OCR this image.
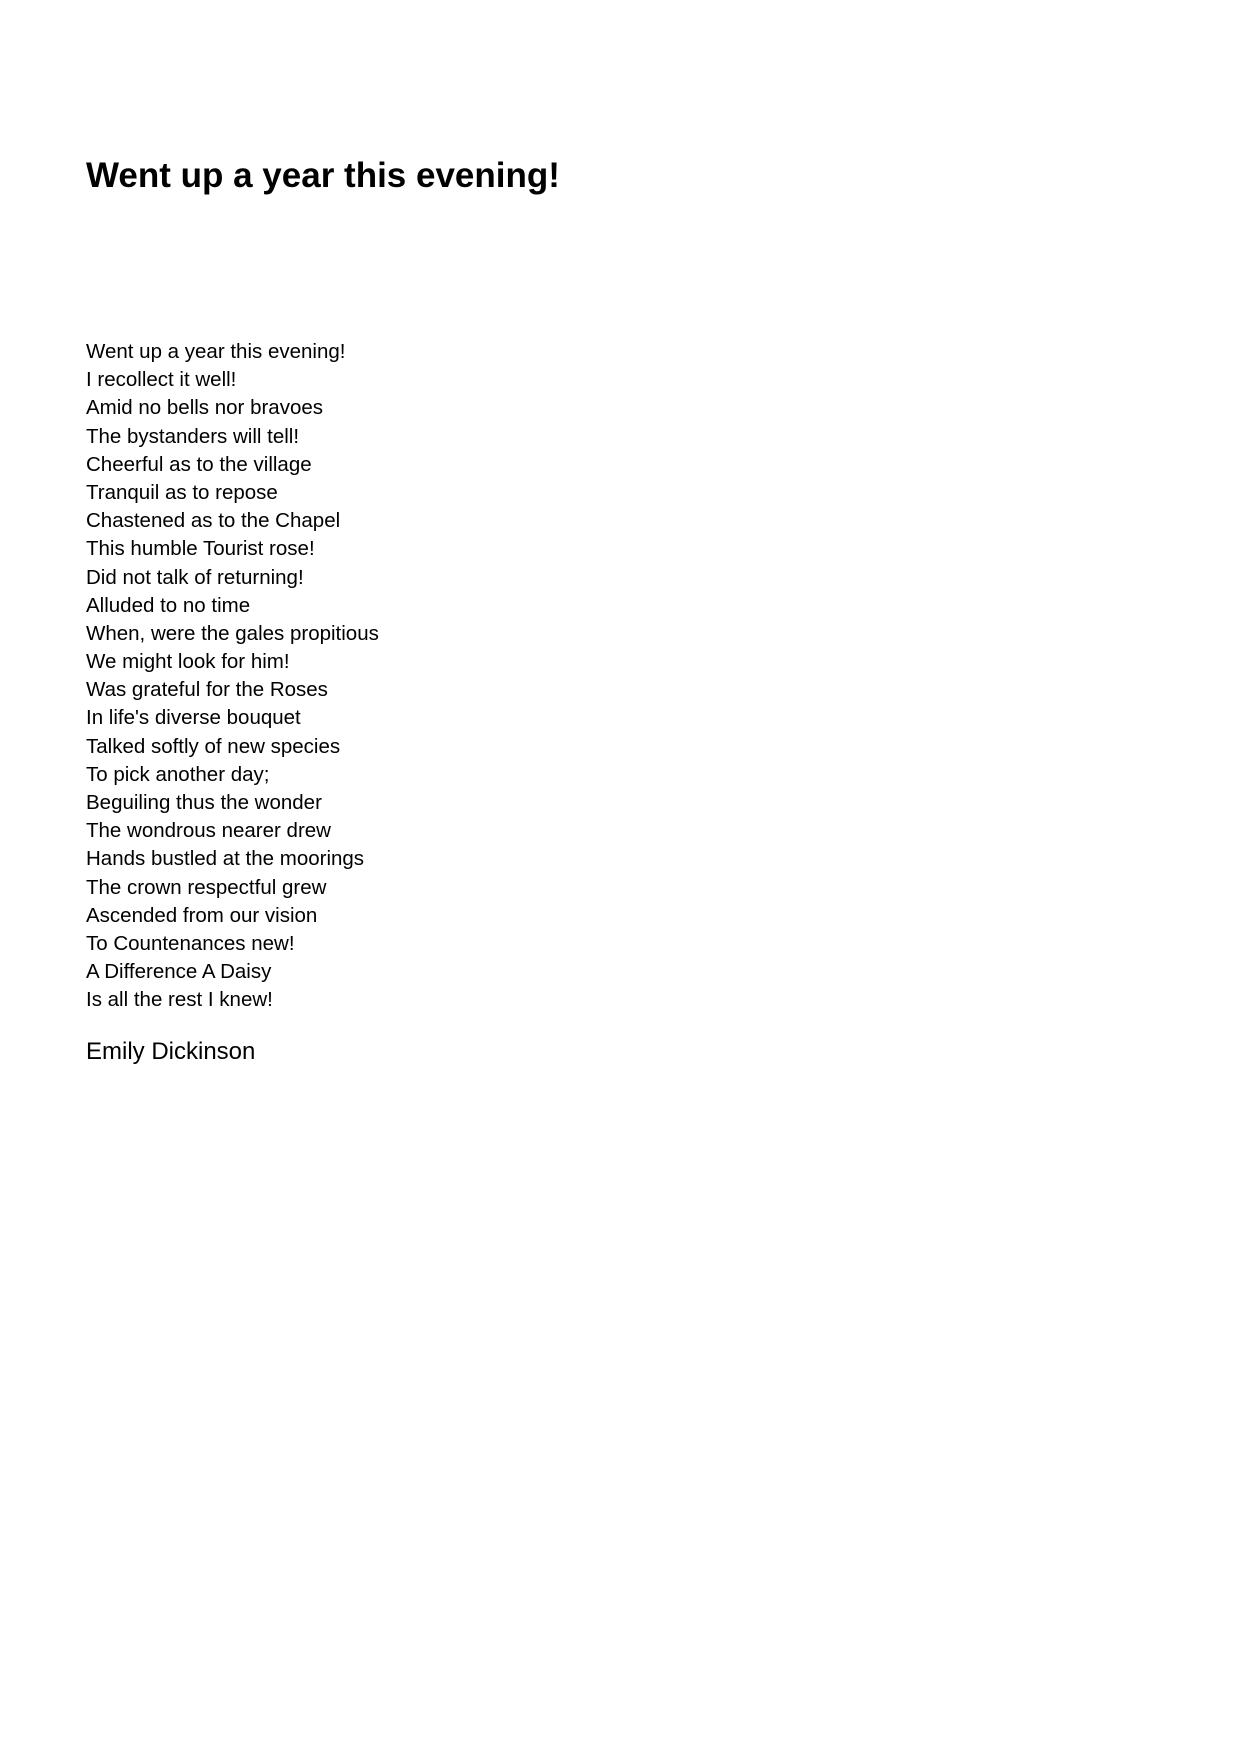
Went up a year this evening!
Went up a year this evening!
I recollect it well!
Amid no bells nor bravoes
The bystanders will tell!
Cheerful as to the village
Tranquil as to repose
Chastened as to the Chapel
This humble Tourist rose!
Did not talk of returning!
Alluded to no time
When, were the gales propitious
We might look for him!
Was grateful for the Roses
In life's diverse bouquet
Talked softly of new species
To pick another day;
Beguiling thus the wonder
The wondrous nearer drew
Hands bustled at the moorings
The crown respectful grew
Ascended from our vision
To Countenances new!
A Difference A Daisy
Is all the rest I knew!

Emily Dickinson
